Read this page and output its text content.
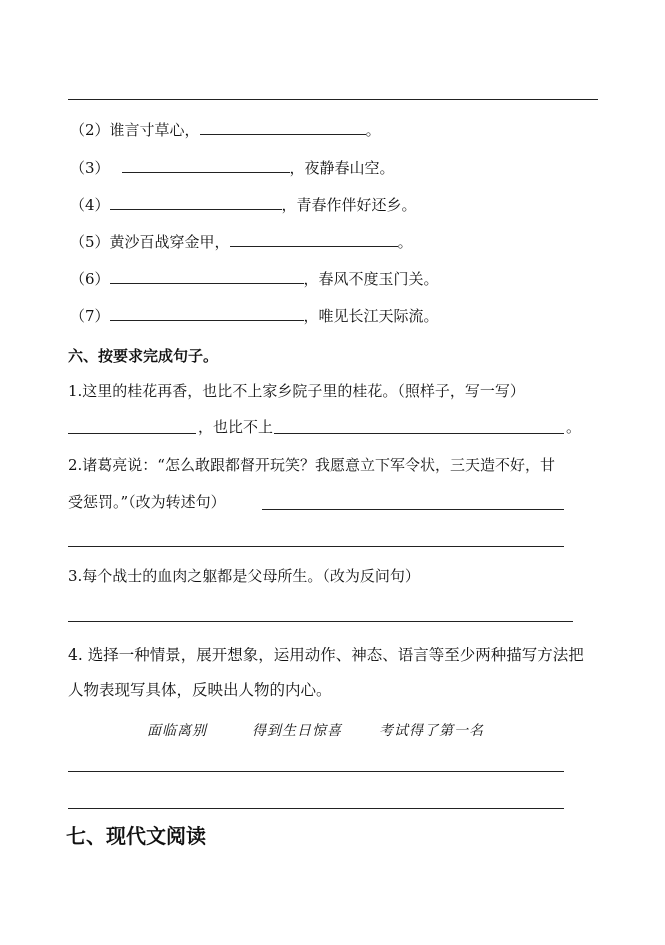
（2）谁言寸草心，	。
（3）	，夜静春山空。
（4）	，青春作伴好还乡。
（5）黄沙百战穿金甲，	。
（6）	，春风不度玉门关。
（7）	，唯见长江天际流。
六、按要求完成句子。
1.这里的桂花再香，也比不上家乡院子里的桂花。（照样子，写一写）
，也比不上	。
2.诸葛亮说：“怎么敢跟都督开玩笑？我愿意立下军令状，三天造不好，甘
受惩罚。”（改为转述句）
3.每个战士的血肉之躯都是父母所生。（改为反问句）
4. 选择一种情景，展开想象，运用动作、神态、语言等至少两种描写方法把
人物表现写具体，反映出人物的内心。
面临离别	得到生日惊喜	考试得了第一名
七、现代文阅读
